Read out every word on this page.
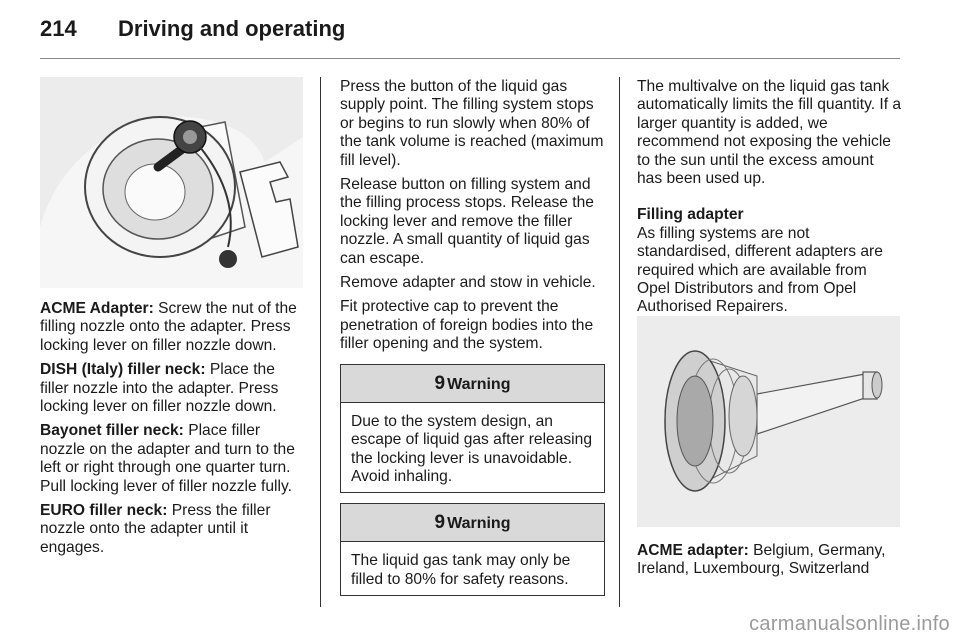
214 Driving and operating

ACME Adapter: Screw the nut of the filling nozzle onto the adapter. Press locking lever on filler nozzle down.

DISH (Italy) filler neck: Place the filler nozzle into the adapter. Press locking lever on filler nozzle down.

Bayonet filler neck: Place filler nozzle on the adapter and turn to the left or right through one quarter turn. Pull locking lever of filler nozzle fully.

EURO filler neck: Press the filler nozzle onto the adapter until it engages.

Press the button of the liquid gas supply point. The filling system stops or begins to run slowly when 80% of the tank volume is reached (maximum fill level).

Release button on filling system and the filling process stops. Release the locking lever and remove the filler nozzle. A small quantity of liquid gas can escape.

Remove adapter and stow in vehicle.

Fit protective cap to prevent the penetration of foreign bodies into the filler opening and the system.

9 Warning
Due to the system design, an escape of liquid gas after releasing the locking lever is unavoidable. Avoid inhaling.
9 Warning
The liquid gas tank may only be filled to 80% for safety reasons.

The multivalve on the liquid gas tank automatically limits the fill quantity. If a larger quantity is added, we recommend not exposing the vehicle to the sun until the excess amount has been used up.

Filling adapter

As filling systems are not standardised, different adapters are required which are available from Opel Distributors and from Opel Authorised Repairers.

ACME adapter: Belgium, Germany, Ireland, Luxembourg, Switzerland

carmanualsonline.info
